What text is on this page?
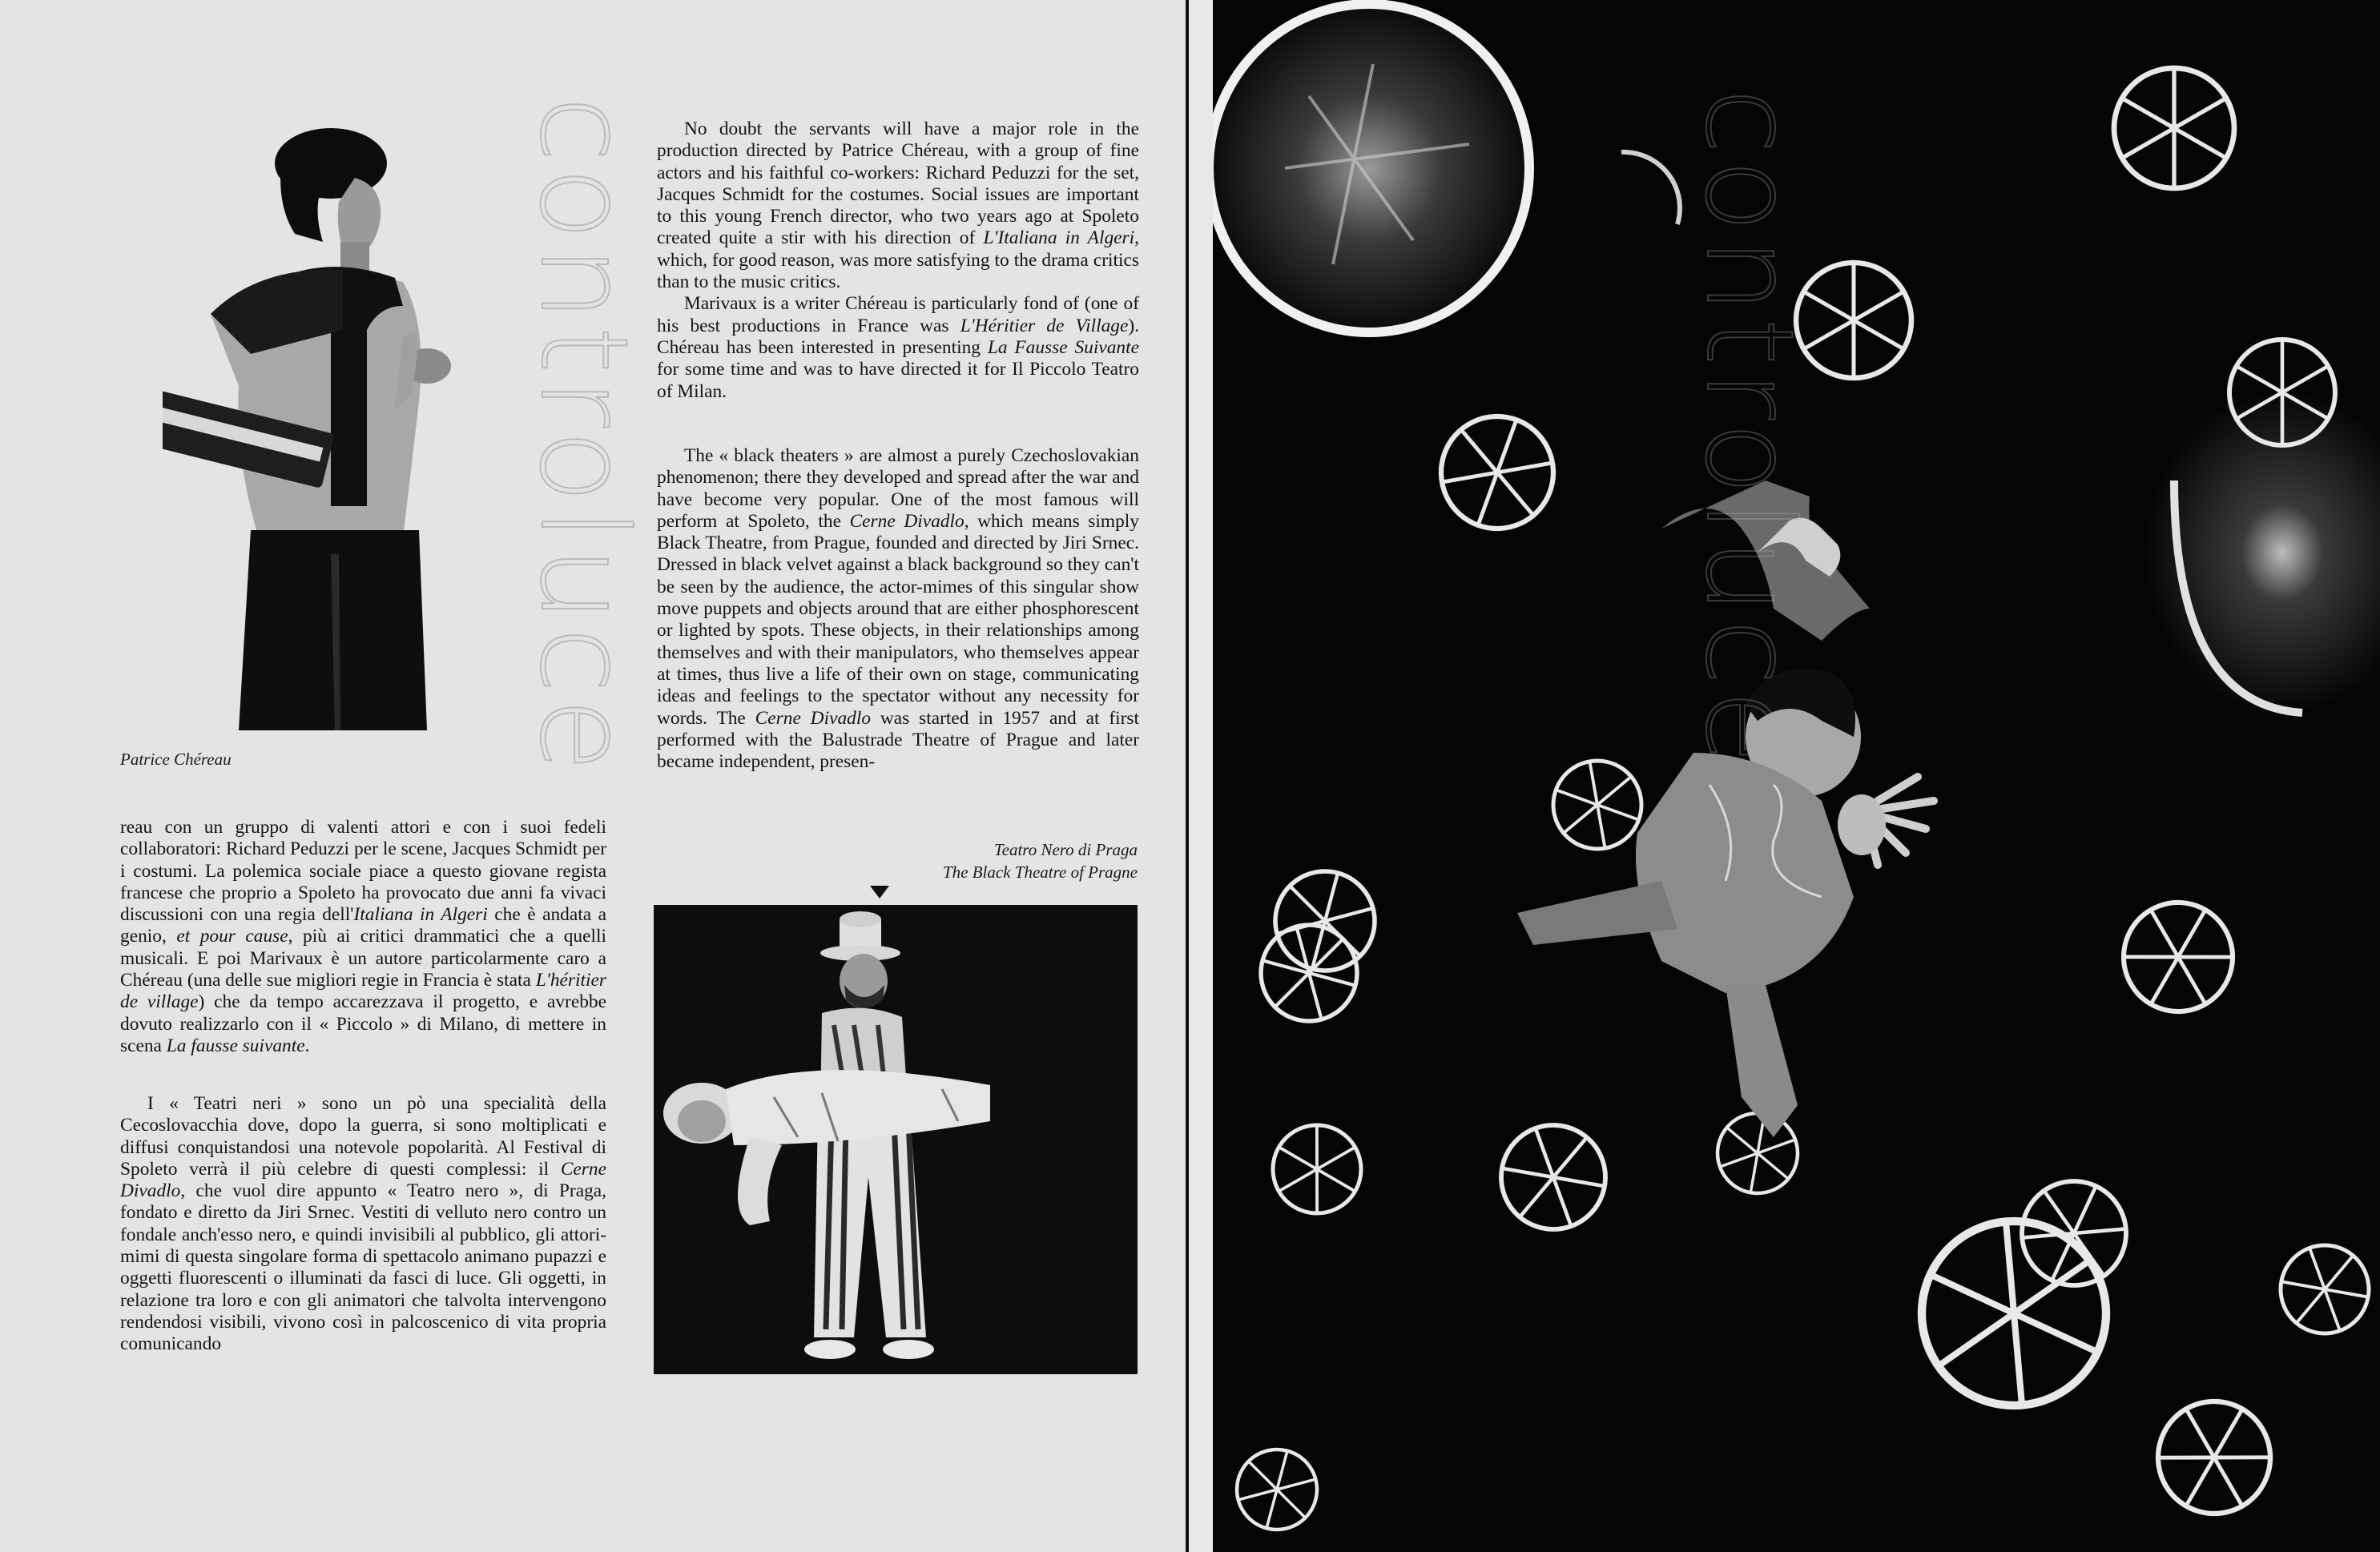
controluce
Patrice Chéreau

No doubt the servants will have a major role in the production directed by Patrice Chéreau, with a group of fine actors and his faithful co-workers: Richard Peduzzi for the set, Jacques Schmidt for the costumes. Social issues are important to this young French director, who two years ago at Spoleto created quite a stir with his direction of L'Italiana in Algeri, which, for good reason, was more satisfying to the drama critics than to the music critics.

Marivaux is a writer Chéreau is particularly fond of (one of his best productions in France was L'Héritier de Village). Chéreau has been interested in presenting La Fausse Suivante for some time and was to have directed it for Il Piccolo Teatro of Milan.

The « black theaters » are almost a purely Czechoslovakian phenomenon; there they developed and spread after the war and have become very popular. One of the most famous will perform at Spoleto, the Cerne Divadlo, which means simply Black Theatre, from Prague, founded and directed by Jiri Srnec. Dressed in black velvet against a black background so they can't be seen by the audience, the actor-mimes of this singular show move puppets and objects around that are either phosphorescent or lighted by spots. These objects, in their relationships among themselves and with their manipulators, who themselves appear at times, thus live a life of their own on stage, communicating ideas and feelings to the spectator without any necessity for words. The Cerne Divadlo was started in 1957 and at first performed with the Balustrade Theatre of Prague and later became independent, presen-

Teatro Nero di Praga
The Black Theatre of Pragne

reau con un gruppo di valenti attori e con i suoi fedeli collaboratori: Richard Peduzzi per le scene, Jacques Schmidt per i costumi. La polemica sociale piace a questo giovane regista francese che proprio a Spoleto ha provocato due anni fa vivaci discussioni con una regia dell'Italiana in Algeri che è andata a genio, et pour cause, più ai critici drammatici che a quelli musicali. E poi Marivaux è un autore particolarmente caro a Chéreau (una delle sue migliori regie in Francia è stata L'héritier de village) che da tempo accarezzava il progetto, e avrebbe dovuto realizzarlo con il « Piccolo » di Milano, di mettere in scena La fausse suivante.

I « Teatri neri » sono un pò una specialità della Cecoslovacchia dove, dopo la guerra, si sono moltiplicati e diffusi conquistandosi una notevole popolarità. Al Festival di Spoleto verrà il più celebre di questi complessi: il Cerne Divadlo, che vuol dire appunto « Teatro nero », di Praga, fondato e diretto da Jiri Srnec. Vestiti di velluto nero contro un fondale anch'esso nero, e quindi invisibili al pubblico, gli attori-mimi di questa singolare forma di spettacolo animano pupazzi e oggetti fluorescenti o illuminati da fasci di luce. Gli oggetti, in relazione tra loro e con gli animatori che talvolta intervengono rendendosi visibili, vivono così in palcoscenico di vita propria comunicando

controluce
